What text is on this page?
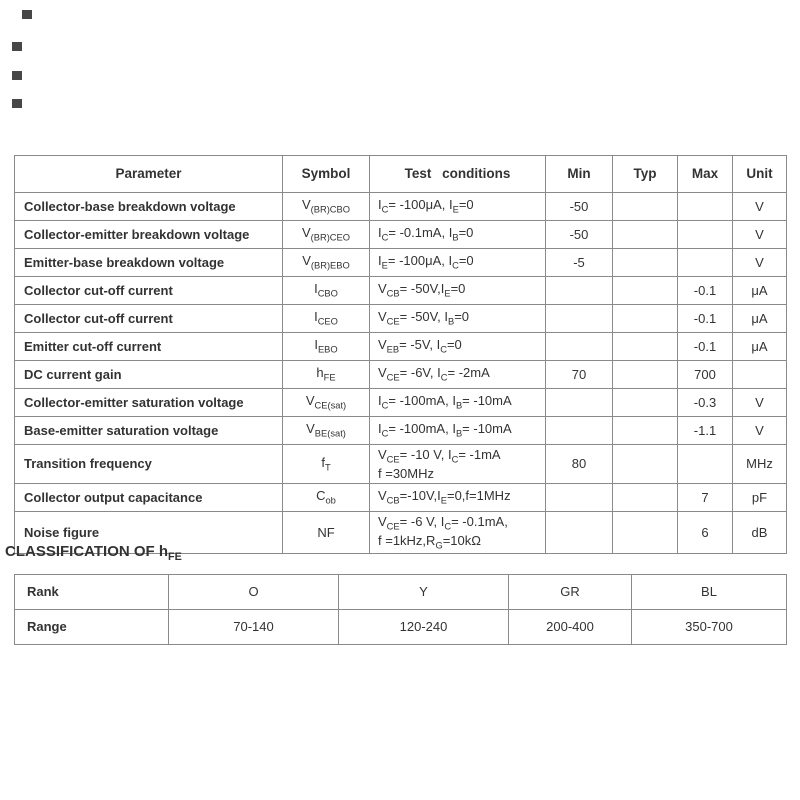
Parameter	Symbol	Test conditions	Min	Typ	Max	Unit
Collector-base breakdown voltage	$V_{(BR)CBO}$	$I_C= -100\mu A$, $I_E=0$	-50			V
Collector-emitter breakdown voltage	$V_{(BR)CEO}$	$I_C= -0.1mA$, $I_B=0$	-50			V
Emitter-base breakdown voltage	$V_{(BR)EBO}$	$I_E= -100\mu A$, $I_C=0$	-5			V
Collector cut-off current	$I_{CBO}$	$V_{CB}= -50V,I_E=0$			-0.1	μA
Collector cut-off current	$I_{CEO}$	$V_{CE}= -50V$, $I_B=0$			-0.1	μA
Emitter cut-off current	$I_{EBO}$	$V_{EB}= -5V$, $I_C=0$			-0.1	μA
DC current gain	$h_{FE}$	$V_{CE}= -6V$, $I_C= -2mA$	70		700	
Collector-emitter saturation voltage	$V_{CE(sat)}$	$I_C= -100mA$, $I_B= -10mA$			-0.3	V
Base-emitter saturation voltage	$V_{BE(sat)}$	$I_C= -100mA$, $I_B= -10mA$			-1.1	V
Transition frequency	$f_T$	$V_{CE}= -10$ V, $I_C= -1mA$
f =30MHz	80			MHz
Collector output capacitance	$C_{ob}$	$V_{CB}=-10V,I_E=0,f=1MHz$			7	pF
Noise figure	NF	$V_{CE}= -6$ V, $I_C= -0.1mA$,
$f =1kHz,R_G=10k\Omega$			6	dB
CLASSIFICATION OF $h_{FE}$
Rank	O	Y	GR	BL
Range	70-140	120-240	200-400	350-700
